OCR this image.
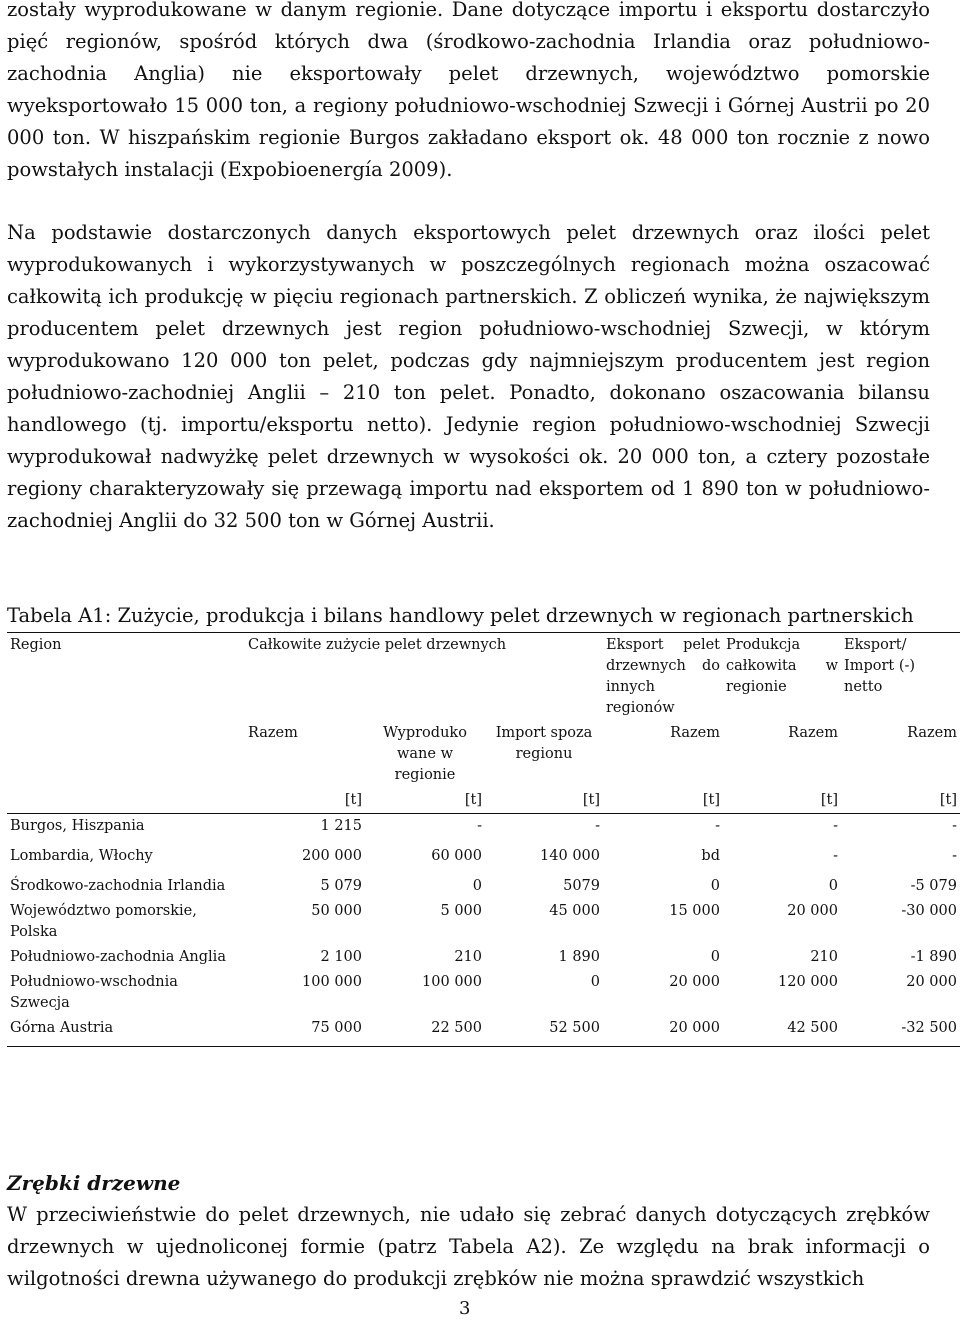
zostały wyprodukowane w danym regionie. Dane dotyczące importu i eksportu dostarczyło pięć regionów, spośród których dwa (środkowo-zachodnia Irlandia oraz południowo-zachodnia Anglia) nie eksportowały pelet drzewnych, województwo pomorskie wyeksportowało 15 000 ton, a regiony południowo-wschodniej Szwecji i Górnej Austrii po 20 000 ton. W hiszpańskim regionie Burgos zakładano eksport ok. 48 000 ton rocznie z nowo powstałych instalacji (Expobioenergía 2009).

Na podstawie dostarczonych danych eksportowych pelet drzewnych oraz ilości pelet wyprodukowanych i wykorzystywanych w poszczególnych regionach można oszacować całkowitą ich produkcję w pięciu regionach partnerskich. Z obliczeń wynika, że największym producentem pelet drzewnych jest region południowo-wschodniej Szwecji, w którym wyprodukowano 120 000 ton pelet, podczas gdy najmniejszym producentem jest region południowo-zachodniej Anglii – 210 ton pelet. Ponadto, dokonano oszacowania bilansu handlowego (tj. importu/eksportu netto). Jedynie region południowo-wschodniej Szwecji wyprodukował nadwyżkę pelet drzewnych w wysokości ok. 20 000 ton, a cztery pozostałe regiony charakteryzowały się przewagą importu nad eksportem od 1 890 ton w południowo-zachodniej Anglii do 32 500 ton w Górnej Austrii.

Tabela A1: Zużycie, produkcja i bilans handlowy pelet drzewnych w regionach partnerskich
Region	Całkowite zużycie pelet drzewnych			Eksport pelet drzewnych do innych regionów	Produkcja całkowita w regionie	Eksport/ Import (-) netto
	Razem	Wyproduko wane w regionie	Import spoza regionu	Razem	Razem	Razem
	[t]	[t]	[t]	[t]	[t]	[t]
Burgos, Hiszpania	1 215	-	-	-	-	-
Lombardia, Włochy	200 000	60 000	140 000	bd	-	-
Środkowo-zachodnia Irlandia	5 079	0	5079	0	0	-5 079
Województwo pomorskie, Polska	50 000	5 000	45 000	15 000	20 000	-30 000
Południowo-zachodnia Anglia	2 100	210	1 890	0	210	-1 890
Południowo-wschodnia Szwecja	100 000	100 000	0	20 000	120 000	20 000
Górna Austria	75 000	22 500	52 500	20 000	42 500	-32 500
Zrębki drzewne

W przeciwieństwie do pelet drzewnych, nie udało się zebrać danych dotyczących zrębków drzewnych w ujednoliconej formie (patrz Tabela A2). Ze względu na brak informacji o wilgotności drewna używanego do produkcji zrębków nie można sprawdzić wszystkich

3
